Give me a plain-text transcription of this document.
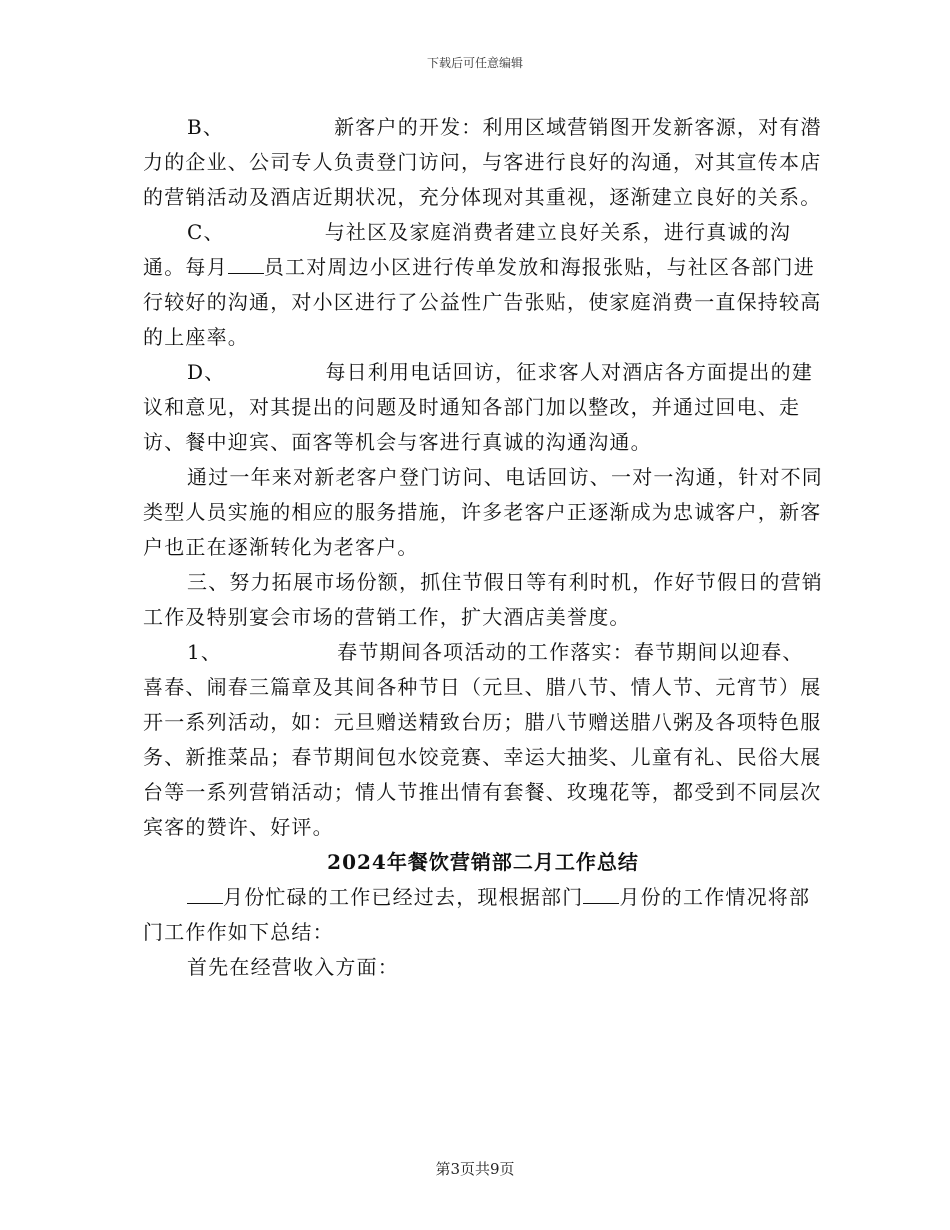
下载后可任意编辑

B、	新客户的开发：利用区域营销图开发新客源，对有潜力的企业、公司专人负责登门访问，与客进行良好的沟通，对其宣传本店的营销活动及酒店近期状况，充分体现对其重视，逐渐建立良好的关系。

C、	与社区及家庭消费者建立良好关系，进行真诚的沟通。每月 员工对周边小区进行传单发放和海报张贴，与社区各部门进行较好的沟通，对小区进行了公益性广告张贴，使家庭消费一直保持较高的上座率。

D、	每日利用电话回访，征求客人对酒店各方面提出的建议和意见，对其提出的问题及时通知各部门加以整改，并通过回电、走访、餐中迎宾、面客等机会与客进行真诚的沟通沟通。

通过一年来对新老客户登门访问、电话回访、一对一沟通，针对不同类型人员实施的相应的服务措施，许多老客户正逐渐成为忠诚客户，新客户也正在逐渐转化为老客户。

三、努力拓展市场份额，抓住节假日等有利时机，作好节假日的营销工作及特别宴会市场的营销工作，扩大酒店美誉度。

1、	春节期间各项活动的工作落实：春节期间以迎春、喜春、闹春三篇章及其间各种节日（元旦、腊八节、情人节、元宵节）展开一系列活动，如：元旦赠送精致台历；腊八节赠送腊八粥及各项特色服务、新推菜品；春节期间包水饺竞赛、幸运大抽奖、儿童有礼、民俗大展台等一系列营销活动；情人节推出情有套餐、玫瑰花等，都受到不同层次宾客的赞许、好评。

2024年餐饮营销部二月工作总结

月份忙碌的工作已经过去，现根据部门 月份的工作情况将部门工作作如下总结：

首先在经营收入方面：

第3页共9页
